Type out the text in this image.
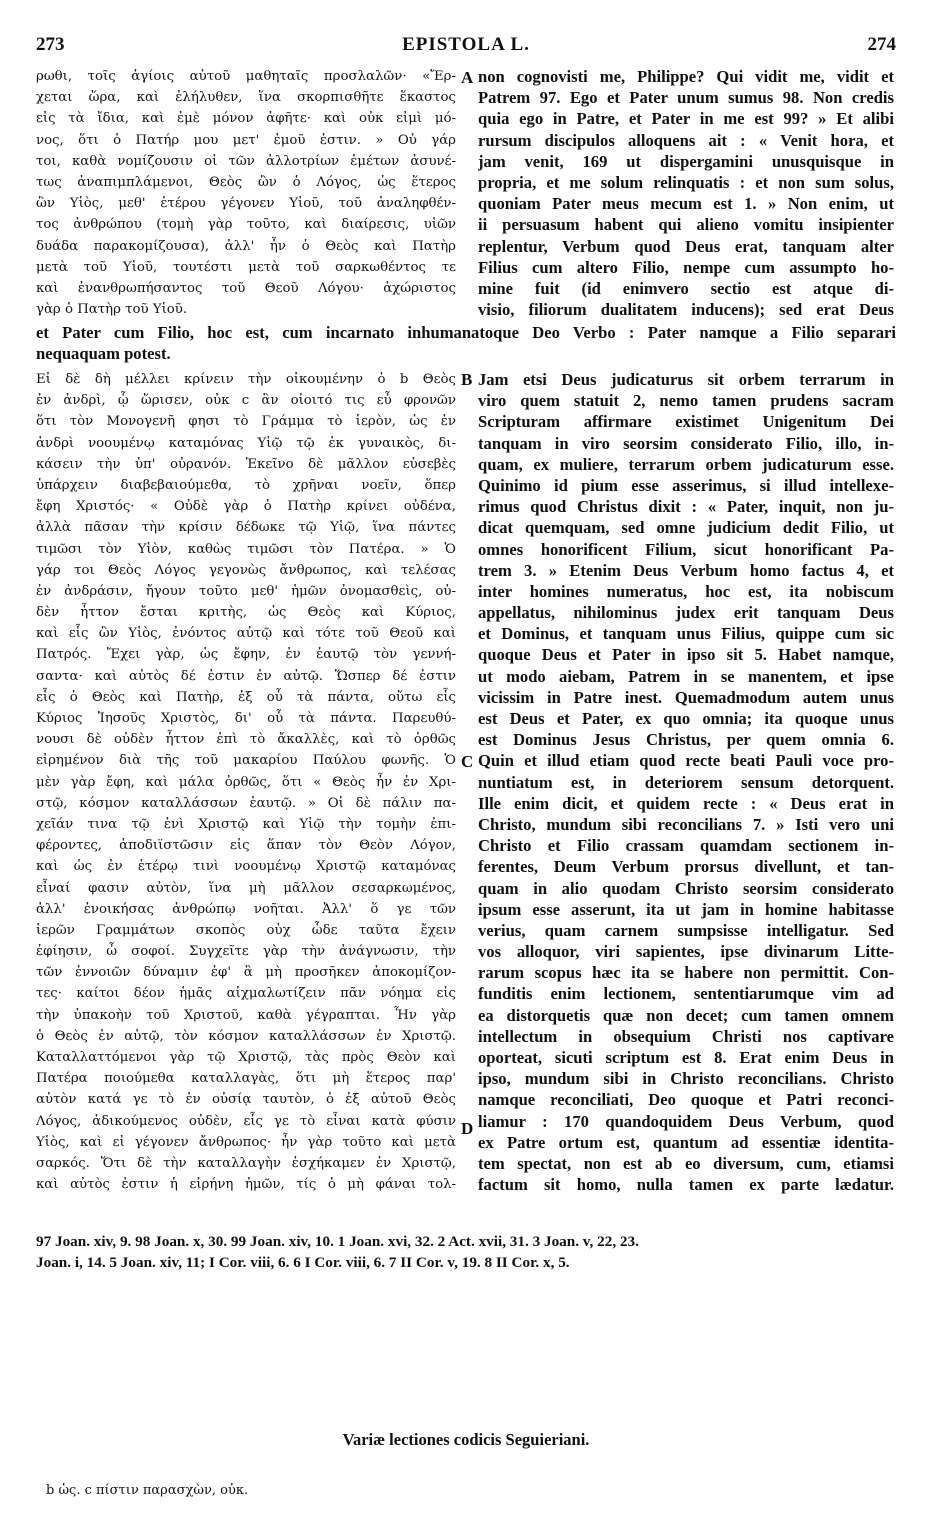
273	EPISTOLA L.	274
ρωθι, τοῖς ἁγίοις αὐτοῦ μαθηταῖς προσλαλῶν· «Ἔρ-
χεται ὥρα, καὶ ἐλήλυθεν, ἵνα σκορπισθῆτε ἕκαστος
εἰς τὰ ἴδια, καὶ ἐμὲ μόνον ἀφῆτε· καὶ οὐκ εἰμὶ μό-
νος, ὅτι ὁ Πατήρ μου μετ' ἐμοῦ ἐστιν. » Οὐ γάρ
τοι, καθὰ νομίζουσιν οἱ τῶν ἀλλοτρίων ἐμέτων ἀσυνέ-
τως ἀναπιμπλάμενοι, Θεὸς ὢν ὁ Λόγος, ὡς ἕτερος
ὢν Υἱὸς, μεθ' ἑτέρου γέγονεν Υἱοῦ, τοῦ ἀναληφθέν-
τος ἀνθρώπου (τομὴ γὰρ τοῦτο, καὶ διαίρεσις, υἱῶν
δυάδα παρακομίζουσα), ἀλλ' ἦν ὁ Θεὸς καὶ Πατὴρ
μετὰ τοῦ Υἱοῦ, τουτέστι μετὰ τοῦ σαρκωθέντος τε
καὶ ἐνανθρωπήσαντος τοῦ Θεοῦ Λόγου· ἀχώριστος
γὰρ ὁ Πατὴρ τοῦ Υἱοῦ.
non cognovisti me, Philippe? Qui vidit me, vidit et
Patrem 97. Ego et Pater unum sumus 98. Non credis
quia ego in Patre, et Pater in me est 99? » Et alibi
rursum discipulos alloquens ait : « Venit hora, et
jam venit, 169 ut dispergamini unusquisque in
propria, et me solum relinquatis : et non sum solus,
quoniam Pater meus mecum est 1. » Non enim, ut
ii persuasum habent qui alieno vomitu insipienter
replentur, Verbum quod Deus erat, tanquam alter
Filius cum altero Filio, nempe cum assumpto ho-
mine fuit (id enimvero sectio est atque di-
visio, filiorum dualitatem inducens); sed erat Deus
A
et Pater cum Filio, hoc est, cum incarnato inhumanatoque Deo Verbo : Pater namque a Filio separari
nequaquam potest.
Εἰ δὲ δὴ μέλλει κρίνειν τὴν οἰκουμένην ὁ b Θεὸς
ἐν ἀνδρὶ, ᾧ ὥρισεν, οὐκ c ἂν οἰοιτό τις εὖ φρονῶν
ὅτι τὸν Μονογενῆ φησι τὸ Γράμμα τὸ ἱερὸν, ὡς ἐν
ἀνδρὶ νοουμένῳ καταμόνας Υἱῷ τῷ ἐκ γυναικὸς, δι-
κάσειν τὴν ὑπ' οὐρανόν. Ἐκεῖνο δὲ μᾶλλον εὐσεβὲς
ὑπάρχειν διαβεβαιούμεθα, τὸ χρῆναι νοεῖν, ὅπερ
ἔφη Χριστός· « Οὐδὲ γὰρ ὁ Πατὴρ κρίνει οὐδένα,
ἀλλὰ πᾶσαν τὴν κρίσιν δέδωκε τῷ Υἱῷ, ἵνα πάντες
τιμῶσι τὸν Υἱὸν, καθὼς τιμῶσι τὸν Πατέρα. » Ὁ
γάρ τοι Θεὸς Λόγος γεγονὼς ἄνθρωπος, καὶ τελέσας
ἐν ἀνδράσιν, ἤγουν τοῦτο μεθ' ἡμῶν ὀνομασθεὶς, οὐ-
δὲν ἧττον ἔσται κριτὴς, ὡς Θεὸς καὶ Κύριος,
καὶ εἷς ὢν Υἱὸς, ἐνόντος αὐτῷ καὶ τότε τοῦ Θεοῦ καὶ
Πατρός. Ἔχει γὰρ, ὡς ἔφην, ἐν ἑαυτῷ τὸν γεννή-
σαντα· καὶ αὐτὸς δέ ἐστιν ἐν αὐτῷ. Ὥσπερ δέ ἐστιν
εἷς ὁ Θεὸς καὶ Πατὴρ, ἐξ οὗ τὰ πάντα, οὕτω εἷς
Κύριος Ἰησοῦς Χριστὸς, δι' οὗ τὰ πάντα. Παρευθύ-
νουσι δὲ οὐδὲν ἧττον ἐπὶ τὸ ἄκαλλὲς, καὶ τὸ ὀρθῶς
εἰρημένον διὰ τῆς τοῦ μακαρίου Παύλου φωνῆς. Ὁ
μὲν γὰρ ἔφη, καὶ μάλα ὀρθῶς, ὅτι « Θεὸς ἦν ἐν Χρι-
στῷ, κόσμον καταλλάσσων ἑαυτῷ. » Οἱ δὲ πάλιν πα-
χεῖάν τινα τῷ ἑνὶ Χριστῷ καὶ Υἱῷ τὴν τομὴν ἐπι-
φέροντες, ἀποδιϊστῶσιν εἰς ἅπαν τὸν Θεὸν Λόγον,
καὶ ὡς ἐν ἑτέρῳ τινὶ νοουμένῳ Χριστῷ καταμόνας
εἶναί φασιν αὐτὸν, ἵνα μὴ μᾶλλον σεσαρκωμένος,
ἀλλ' ἐνοικήσας ἀνθρώπῳ νοῆται. Ἀλλ' ὅ γε τῶν
ἱερῶν Γραμμάτων σκοπὸς οὐχ ὧδε ταῦτα ἔχειν
ἐφίησιν, ὦ σοφοί. Συγχεῖτε γὰρ τὴν ἀνάγνωσιν, τὴν
τῶν ἐννοιῶν δύναμιν ἐφ' ἃ μὴ προσῆκεν ἀποκομίζον-
τες· καίτοι δέον ἡμᾶς αἰχμαλωτίζειν πᾶν νόημα εἰς
τὴν ὑπακοὴν τοῦ Χριστοῦ, καθὰ γέγραπται. Ἦν γὰρ
ὁ Θεὸς ἐν αὐτῷ, τὸν κόσμον καταλλάσσων ἐν Χριστῷ.
Καταλλαττόμενοι γὰρ τῷ Χριστῷ, τὰς πρὸς Θεὸν καὶ
Πατέρα ποιούμεθα καταλλαγὰς, ὅτι μὴ ἕτερος παρ'
αὐτὸν κατά γε τὸ ἐν οὐσίᾳ ταυτὸν, ὁ ἐξ αὐτοῦ Θεὸς
Λόγος, ἀδικούμενος οὐδὲν, εἷς γε τὸ εἶναι κατὰ φύσιν
Υἱὸς, καὶ εἰ γέγονεν ἄνθρωπος· ἦν γὰρ τοῦτο καὶ μετὰ
σαρκός. Ὅτι δὲ τὴν καταλλαγὴν ἐσχήκαμεν ἐν Χριστῷ,
καὶ αὐτὸς ἐστιν ἡ εἰρήνη ἡμῶν, τίς ὁ μὴ φάναι τολ-
Jam etsi Deus judicaturus sit orbem terrarum in
viro quem statuit 2, nemo tamen prudens sacram
Scripturam affirmare existimet Unigenitum Dei
tanquam in viro seorsim considerato Filio, illo, in-
quam, ex muliere, terrarum orbem judicaturum esse.
Quinimo id pium esse asserimus, si illud intellexe-
rimus quod Christus dixit : « Pater, inquit, non ju-
dicat quemquam, sed omne judicium dedit Filio, ut
omnes honorificent Filium, sicut honorificant Pa-
trem 3. » Etenim Deus Verbum homo factus 4, et
inter homines numeratus, hoc est, ita nobiscum
appellatus, nihilominus judex erit tanquam Deus
et Dominus, et tanquam unus Filius, quippe cum sic
quoque Deus et Pater in ipso sit 5. Habet namque,
ut modo aiebam, Patrem in se manentem, et ipse
vicissim in Patre inest. Quemadmodum autem unus
est Deus et Pater, ex quo omnia; ita quoque unus
est Dominus Jesus Christus, per quem omnia 6.
Quin et illud etiam quod recte beati Pauli voce pro-
nuntiatum est, in deteriorem sensum detorquent.
Ille enim dicit, et quidem recte : « Deus erat in
Christo, mundum sibi reconcilians 7. » Isti vero uni
Christo et Filio crassam quamdam sectionem in-
ferentes, Deum Verbum prorsus divellunt, et tan-
quam in alio quodam Christo seorsim considerato
ipsum esse asserunt, ita ut jam in homine habitasse
verius, quam carnem sumpsisse intelligatur. Sed
vos alloquor, viri sapientes, ipse divinarum Litte-
rarum scopus hæc ita se habere non permittit. Con-
funditis enim lectionem, sententiarumque vim ad
ea distorquetis quæ non decet; cum tamen omnem
intellectum in obsequium Christi nos captivare
oporteat, sicuti scriptum est 8. Erat enim Deus in
ipso, mundum sibi in Christo reconcilians. Christo
namque reconciliati, Deo quoque et Patri reconci-
liamur : 170 quandoquidem Deus Verbum, quod
ex Patre ortum est, quantum ad essentiæ identita-
tem spectat, non est ab eo diversum, cum, etiamsi
factum sit homo, nulla tamen ex parte lædatur.
B
C
D
97 Joan. xiv, 9. 98 Joan. x, 30. 99 Joan. xiv, 10. 1 Joan. xvi, 32. 2 Act. xvii, 31. 3 Joan. v, 22, 23.
Joan. i, 14. 5 Joan. xiv, 11; I Cor. viii, 6. 6 I Cor. viii, 6. 7 II Cor. v, 19. 8 II Cor. x, 5.
Variæ lectiones codicis Seguieriani.
b ὡς. c πίστιν παρασχὼν, οὐκ.
